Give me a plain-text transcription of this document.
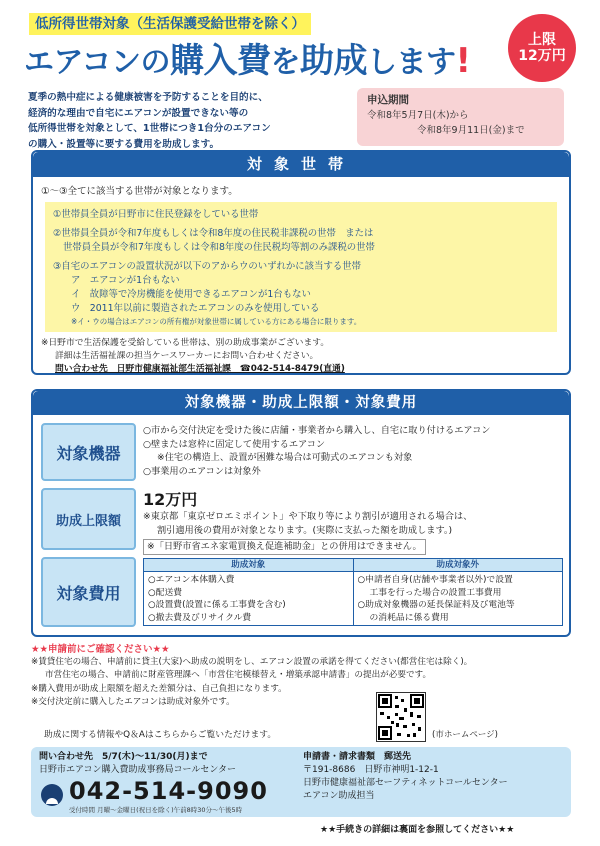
低所得世帯対象（生活保護受給世帯を除く）
エアコンの購入費を助成します!
上限
12万円
夏季の熱中症による健康被害を予防することを目的に、
経済的な理由で自宅にエアコンが設置できない等の
低所得世帯を対象として、1世帯につき1台分のエアコン
の購入・設置等に要する費用を助成します。
申込期間
令和8年5月7日(木)から
令和8年9月11日(金)まで
対象世帯
①～③全てに該当する世帯が対象となります。
①世帯員全員が日野市に住民登録をしている世帯
②世帯員全員が令和7年度もしくは令和8年度の住民税非課税の世帯　または
世帯員全員が令和7年度もしくは令和8年度の住民税均等割のみ課税の世帯
③自宅のエアコンの設置状況が以下のアからウのいずれかに該当する世帯
ア　エアコンが1台もない
イ　故障等で冷房機能を使用できるエアコンが1台もない
ウ　2011年以前に製造されたエアコンのみを使用している
※イ・ウの場合はエアコンの所有権が対象世帯に属している方にある場合に限ります。
※日野市で生活保護を受給している世帯は、別の助成事業がございます。
詳細は生活福祉課の担当ケースワーカーにお問い合わせください。
問い合わせ先　日野市健康福祉部生活福祉課　☎042-514-8479(直通)
対象機器・助成上限額・対象費用
対象機器
○市から交付決定を受けた後に店舗・事業者から購入し、自宅に取り付けるエアコン
○壁または窓枠に固定して使用するエアコン
※住宅の構造上、設置が困難な場合は可動式のエアコンも対象
○事業用のエアコンは対象外
助成上限額
12万円
※東京都「東京ゼロエミポイント」や下取り等により割引が適用される場合は、
割引適用後の費用が対象となります。(実際に支払った額を助成します。)
※「日野市省エネ家電買換え促進補助金」との併用はできません。
対象費用
助成対象
○エアコン本体購入費
○配送費
○設置費(設置に係る工事費を含む)
○撤去費及びリサイクル費
助成対象外
○申請者自身(店舗や事業者以外)で設置
工事を行った場合の設置工事費用
○助成対象機器の延長保証料及び電池等
の消耗品に係る費用
★★申請前にご確認ください★★
※賃貸住宅の場合、申請前に貸主(大家)へ助成の説明をし、エアコン設置の承諾を得てください(都営住宅は除く)。
市営住宅の場合、申請前に財産管理課へ「市営住宅模様替え・増築承認申請書」の提出が必要です。
※購入費用が助成上限額を超えた差額分は、自己負担になります。
※交付決定前に購入したエアコンは助成対象外です。
助成に関する情報やQ＆Aはこちらからご覧いただけます。	(市ホームページ)
問い合わせ先　5/7(木)～11/30(月)まで
日野市エアコン購入費助成事務局コールセンター
042-514-9090
受付時間 月曜～金曜日(祝日を除く)午前8時30分～午後5時
申請書・請求書類　郵送先
〒191-8686　日野市神明1-12-1
日野市健康福祉部セーフティネットコールセンター
エアコン助成担当
★★手続きの詳細は裏面を参照してください★★
